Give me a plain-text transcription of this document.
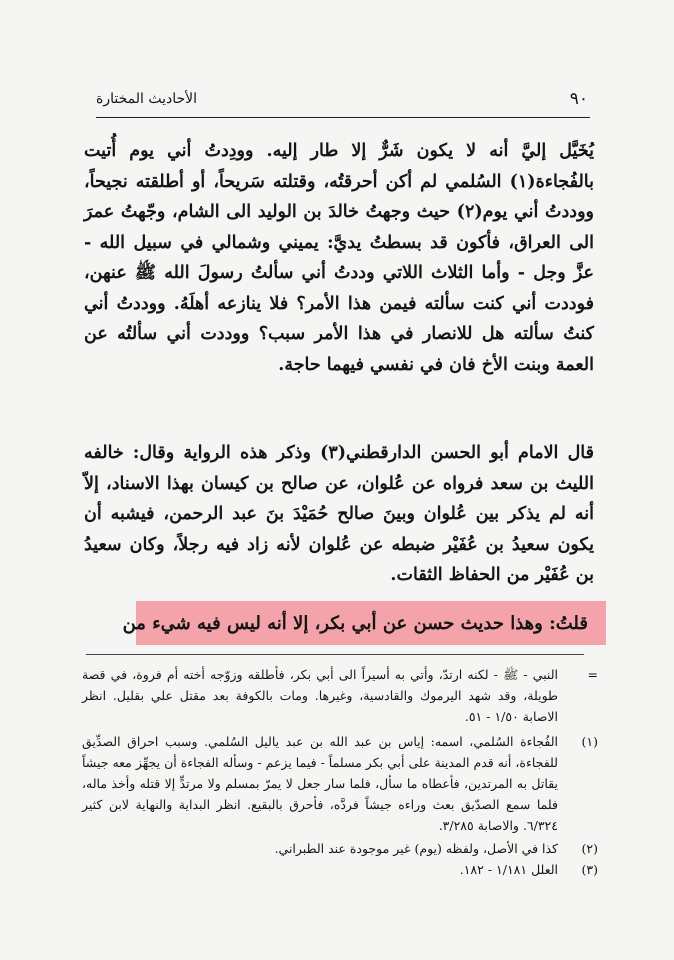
٩٠
الأحاديث المختارة

يُخَيَّل إليَّ أنه لا يكون شَرٌّ إلا طار إليه. وودِدتُ أني يوم أُتيت بالفُجاءة(١) السُلمي لم أكن أحرقتُه، وقتلته سَريحاً، أو أطلقته نجيحاً، ووددتُ أني يوم(٢) حيث وجهتُ خالدَ بن الوليد الى الشام، وجّهتُ عمرَ الى العراق، فأكون قد بسطتُ يديَّ: يميني وشمالي في سبيل الله - عزَّ وجل - وأما الثلاث اللاتي وددتُ أني سألتُ رسولَ الله ﷺ عنهن، فوددت أني كنت سألته فيمن هذا الأمر؟ فلا ينازعه أهلَهُ. ووددتُ أني كنتُ سألته هل للانصار في هذا الأمر سبب؟ ووددت أني سألتُه عن العمة وبنت الأخ فان في نفسي فيهما حاجة.

قال الامام أبو الحسن الدارقطني(٣) وذكر هذه الرواية وقال: خالفه الليث بن سعد فرواه عن عُلوان، عن صالح بن كيسان بهذا الاسناد، إلاّ أنه لم يذكر بين عُلوان وبينَ صالح حُمَيْدَ بنَ عبد الرحمن، فيشبه أن يكون سعيدُ بن عُفَيْر ضبطه عن عُلوان لأنه زاد فيه رجلاً، وكان سعيدُ بن عُفَيْر من الحفاظ الثقات.

قلتُ: وهذا حديث حسن عن أبي بكر، إلا أنه ليس فيه شيء من
=
النبي - ﷺ - لكنه ارتدّ، وأتي به أسيراً الى أبي بكر، فأطلقه وزوّجه أخته أم فروة، في قصة طويلة، وقد شهد اليرموك والقادسية، وغيرها. ومات بالكوفة بعد مقتل علي بقليل. انظر الاصابة ١/٥٠ - ٥١.
(١)
الفُجاءة السُلمي، اسمه: إياس بن عبد الله بن عبد ياليل السُلمي. وسبب احراق الصدِّيق للفجاءة، أنه قدم المدينة على أبي بكر مسلماً - فيما يزعم - وسأله الفجاءة أن يجهِّز معه جيشاً يقاتل به المرتدين، فأعطاه ما سأل، فلما سار جعل لا يمرّ بمسلم ولا مرتدٍّ إلا قتله وأخذ ماله، فلما سمع الصدّيق بعث وراءه جيشاً فردَّه، فأحرق بالبقيع. انظر البداية والنهاية لابن كثير ٦/٣٢٤. والاصابة ٣/٢٨٥.
(٢)
كذا في الأصل، ولفظه (يوم) غير موجودة عند الطبراني.
(٣)
العلل ١/١٨١ - ١٨٢.
